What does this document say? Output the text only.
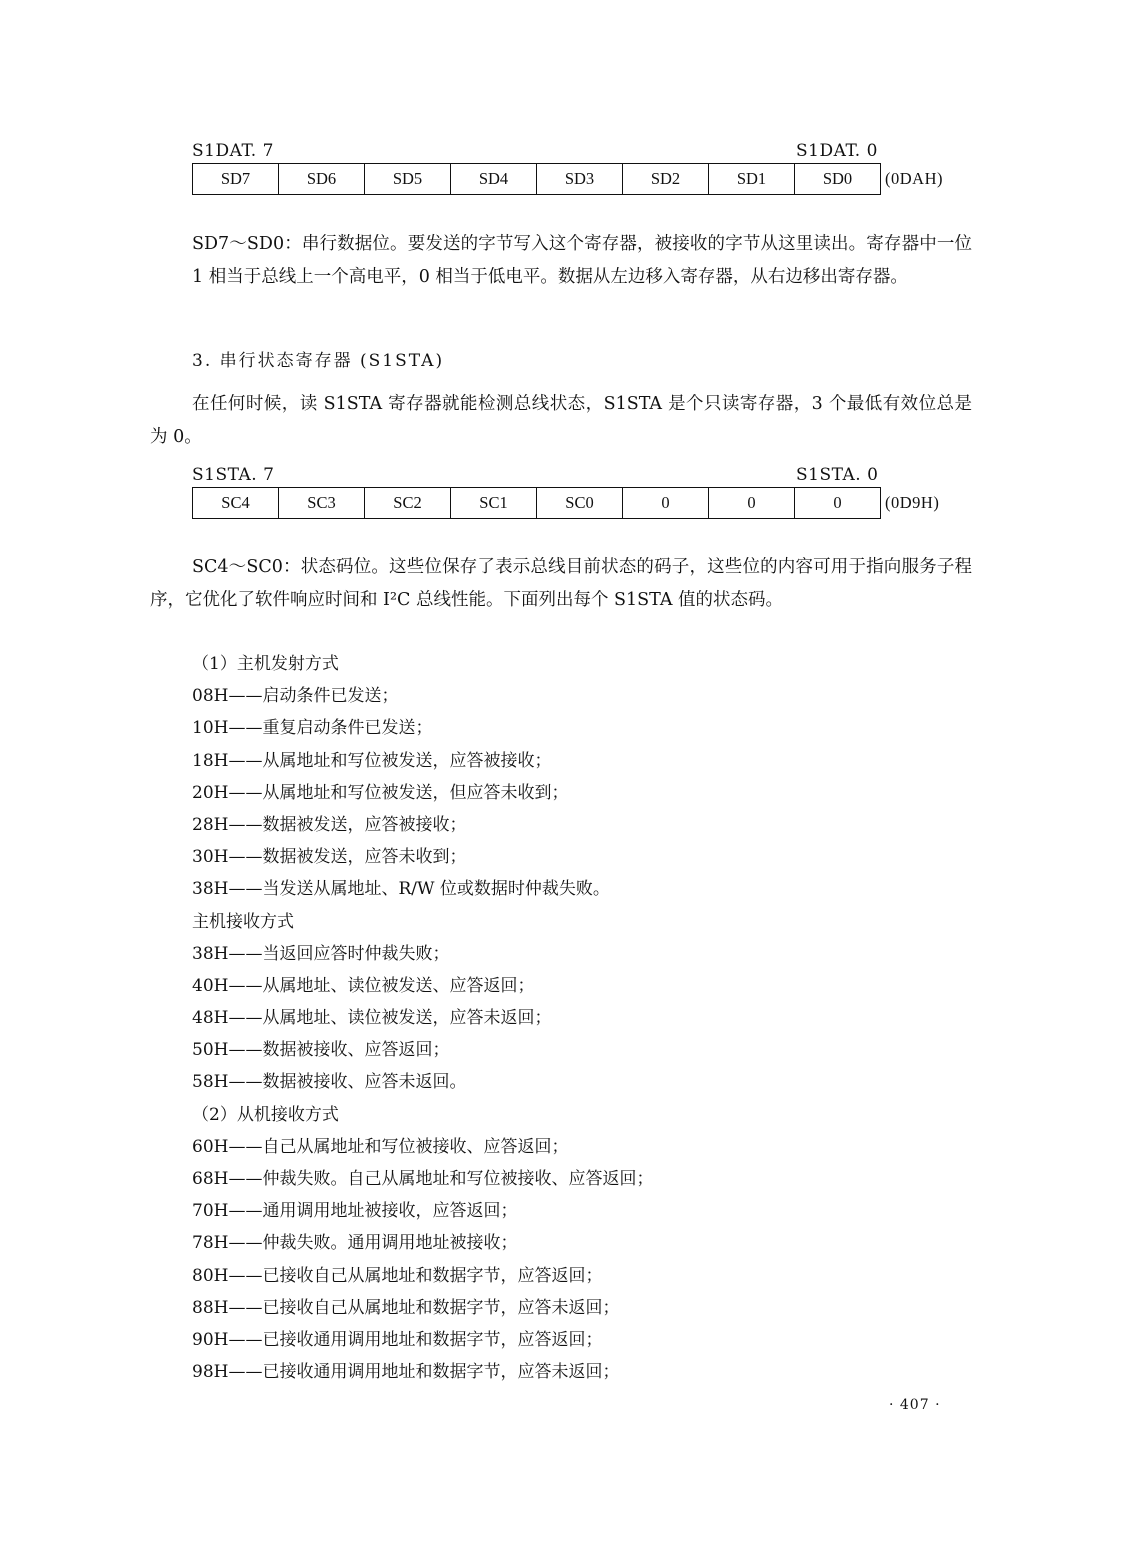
S1DAT. 7	S1DAT. 0
SD7	SD6	SD5	SD4	SD3	SD2	SD1	SD0 (0DAH)
SD7～SD0：串行数据位。要发送的字节写入这个寄存器，被接收的字节从这里读出。寄存器中一位 1 相当于总线上一个高电平，0 相当于低电平。数据从左边移入寄存器，从右边移出寄存器。
3. 串行状态寄存器 (S1STA)
在任何时候，读 S1STA 寄存器就能检测总线状态，S1STA 是个只读寄存器，3 个最低有效位总是为 0。
S1STA. 7	S1STA. 0
SC4	SC3	SC2	SC1	SC0	0	0	0	(0D9H)
SC4～SC0：状态码位。这些位保存了表示总线目前状态的码子，这些位的内容可用于指向服务子程序，它优化了软件响应时间和 I²C 总线性能。下面列出每个 S1STA 值的状态码。
（1）主机发射方式
08H——启动条件已发送；
10H——重复启动条件已发送；
18H——从属地址和写位被发送，应答被接收；
20H——从属地址和写位被发送，但应答未收到；
28H——数据被发送，应答被接收；
30H——数据被发送，应答未收到；
38H——当发送从属地址、R/W 位或数据时仲裁失败。
主机接收方式
38H——当返回应答时仲裁失败；
40H——从属地址、读位被发送、应答返回；
48H——从属地址、读位被发送，应答未返回；
50H——数据被接收、应答返回；
58H——数据被接收、应答未返回。
（2）从机接收方式
60H——自己从属地址和写位被接收、应答返回；
68H——仲裁失败。自己从属地址和写位被接收、应答返回；
70H——通用调用地址被接收，应答返回；
78H——仲裁失败。通用调用地址被接收；
80H——已接收自己从属地址和数据字节，应答返回；
88H——已接收自己从属地址和数据字节，应答未返回；
90H——已接收通用调用地址和数据字节，应答返回；
98H——已接收通用调用地址和数据字节，应答未返回；
· 407 ·
